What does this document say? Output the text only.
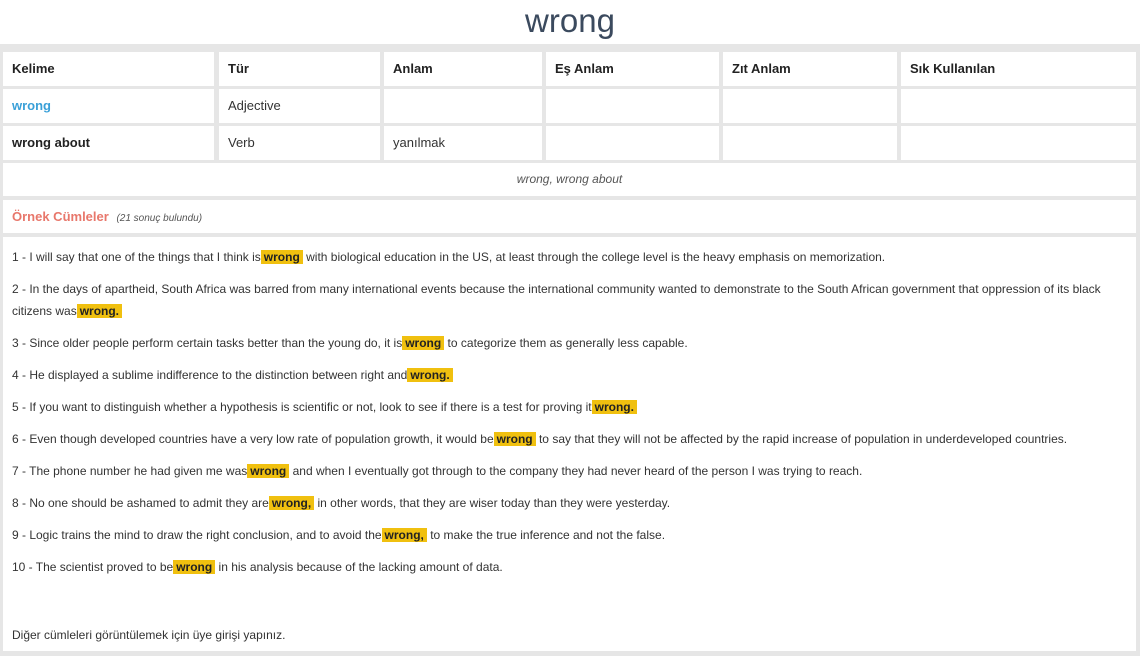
wrong
Kelime	Tür	Anlam	Eş Anlam	Zıt Anlam	Sık Kullanılan
wrong	Adjective
wrong about	Verb	yanılmak
wrong, wrong about
Örnek Cümleler (21 sonuç bulundu)
1 - I will say that one of the things that I think is wrong with biological education in the US, at least through the college level is the heavy emphasis on memorization.
2 - In the days of apartheid, South Africa was barred from many international events because the international community wanted to demonstrate to the South African government that oppression of its black citizens was wrong.
3 - Since older people perform certain tasks better than the young do, it is wrong to categorize them as generally less capable.
4 - He displayed a sublime indifference to the distinction between right and wrong.
5 - If you want to distinguish whether a hypothesis is scientific or not, look to see if there is a test for proving it wrong.
6 - Even though developed countries have a very low rate of population growth, it would be wrong to say that they will not be affected by the rapid increase of population in underdeveloped countries.
7 - The phone number he had given me was wrong and when I eventually got through to the company they had never heard of the person I was trying to reach.
8 - No one should be ashamed to admit they are wrong, in other words, that they are wiser today than they were yesterday.
9 - Logic trains the mind to draw the right conclusion, and to avoid the wrong, to make the true inference and not the false.
10 - The scientist proved to be wrong in his analysis because of the lacking amount of data.
Diğer cümleleri görüntülemek için üye girişi yapınız.
